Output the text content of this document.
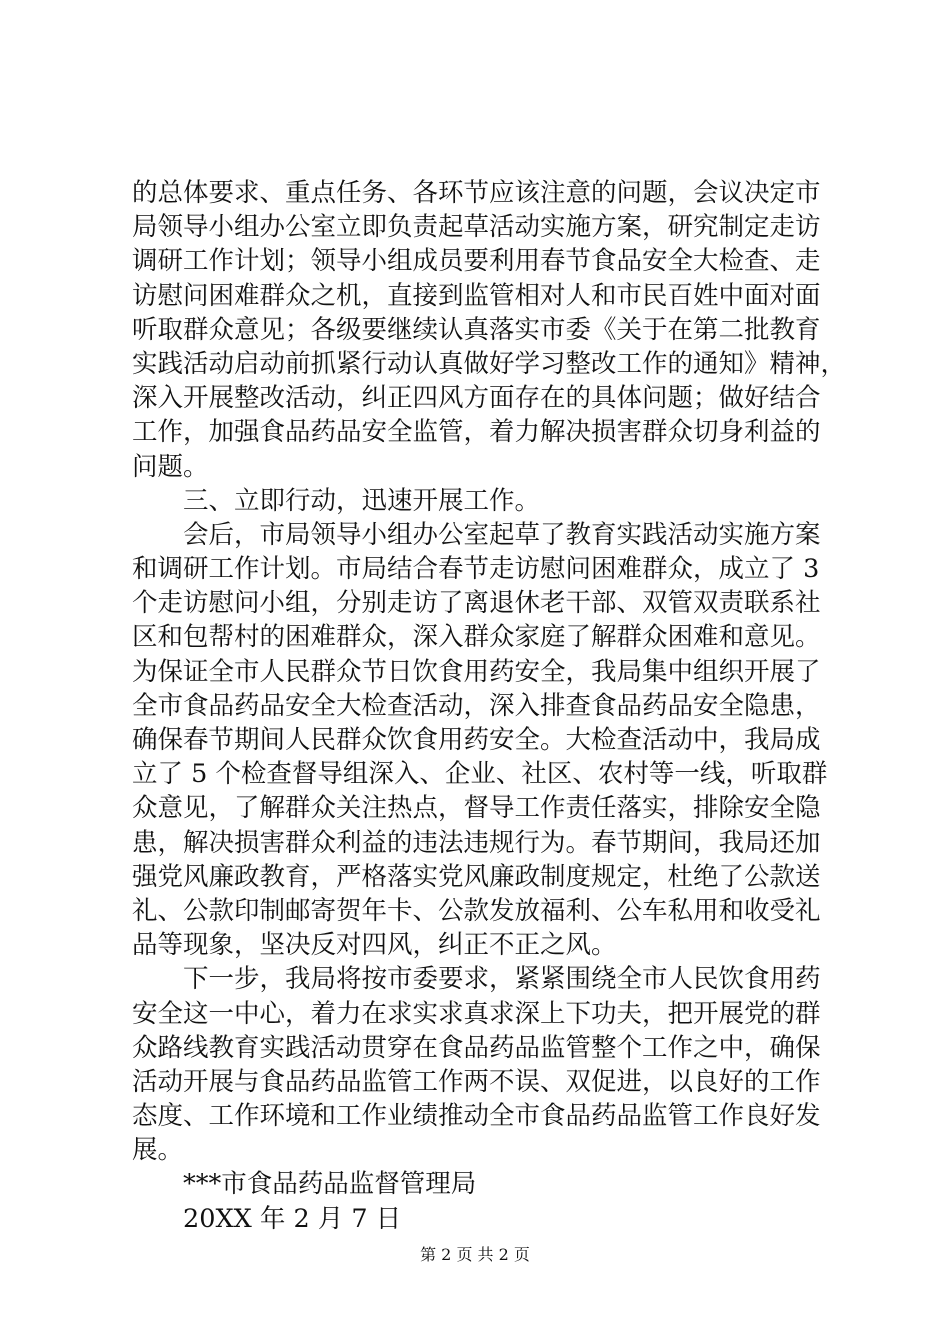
的总体要求、重点任务、各环节应该注意的问题，会议决定市
局领导小组办公室立即负责起草活动实施方案，研究制定走访
调研工作计划；领导小组成员要利用春节食品安全大检查、走
访慰问困难群众之机，直接到监管相对人和市民百姓中面对面
听取群众意见；各级要继续认真落实市委《关于在第二批教育
实践活动启动前抓紧行动认真做好学习整改工作的通知》精神，
深入开展整改活动，纠正四风方面存在的具体问题；做好结合
工作，加强食品药品安全监管，着力解决损害群众切身利益的
问题。
三、立即行动，迅速开展工作。
会后，市局领导小组办公室起草了教育实践活动实施方案
和调研工作计划。市局结合春节走访慰问困难群众，成立了 3
个走访慰问小组，分别走访了离退休老干部、双管双责联系社
区和包帮村的困难群众，深入群众家庭了解群众困难和意见。
为保证全市人民群众节日饮食用药安全，我局集中组织开展了
全市食品药品安全大检查活动，深入排查食品药品安全隐患，
确保春节期间人民群众饮食用药安全。大检查活动中，我局成
立了 5 个检查督导组深入、企业、社区、农村等一线，听取群
众意见，了解群众关注热点，督导工作责任落实，排除安全隐
患，解决损害群众利益的违法违规行为。春节期间，我局还加
强党风廉政教育，严格落实党风廉政制度规定，杜绝了公款送
礼、公款印制邮寄贺年卡、公款发放福利、公车私用和收受礼
品等现象，坚决反对四风，纠正不正之风。
下一步，我局将按市委要求，紧紧围绕全市人民饮食用药
安全这一中心，着力在求实求真求深上下功夫，把开展党的群
众路线教育实践活动贯穿在食品药品监管整个工作之中，确保
活动开展与食品药品监管工作两不误、双促进，以良好的工作
态度、工作环境和工作业绩推动全市食品药品监管工作良好发
展。
***市食品药品监督管理局
20XX 年 2 月 7 日
第 2 页 共 2 页
